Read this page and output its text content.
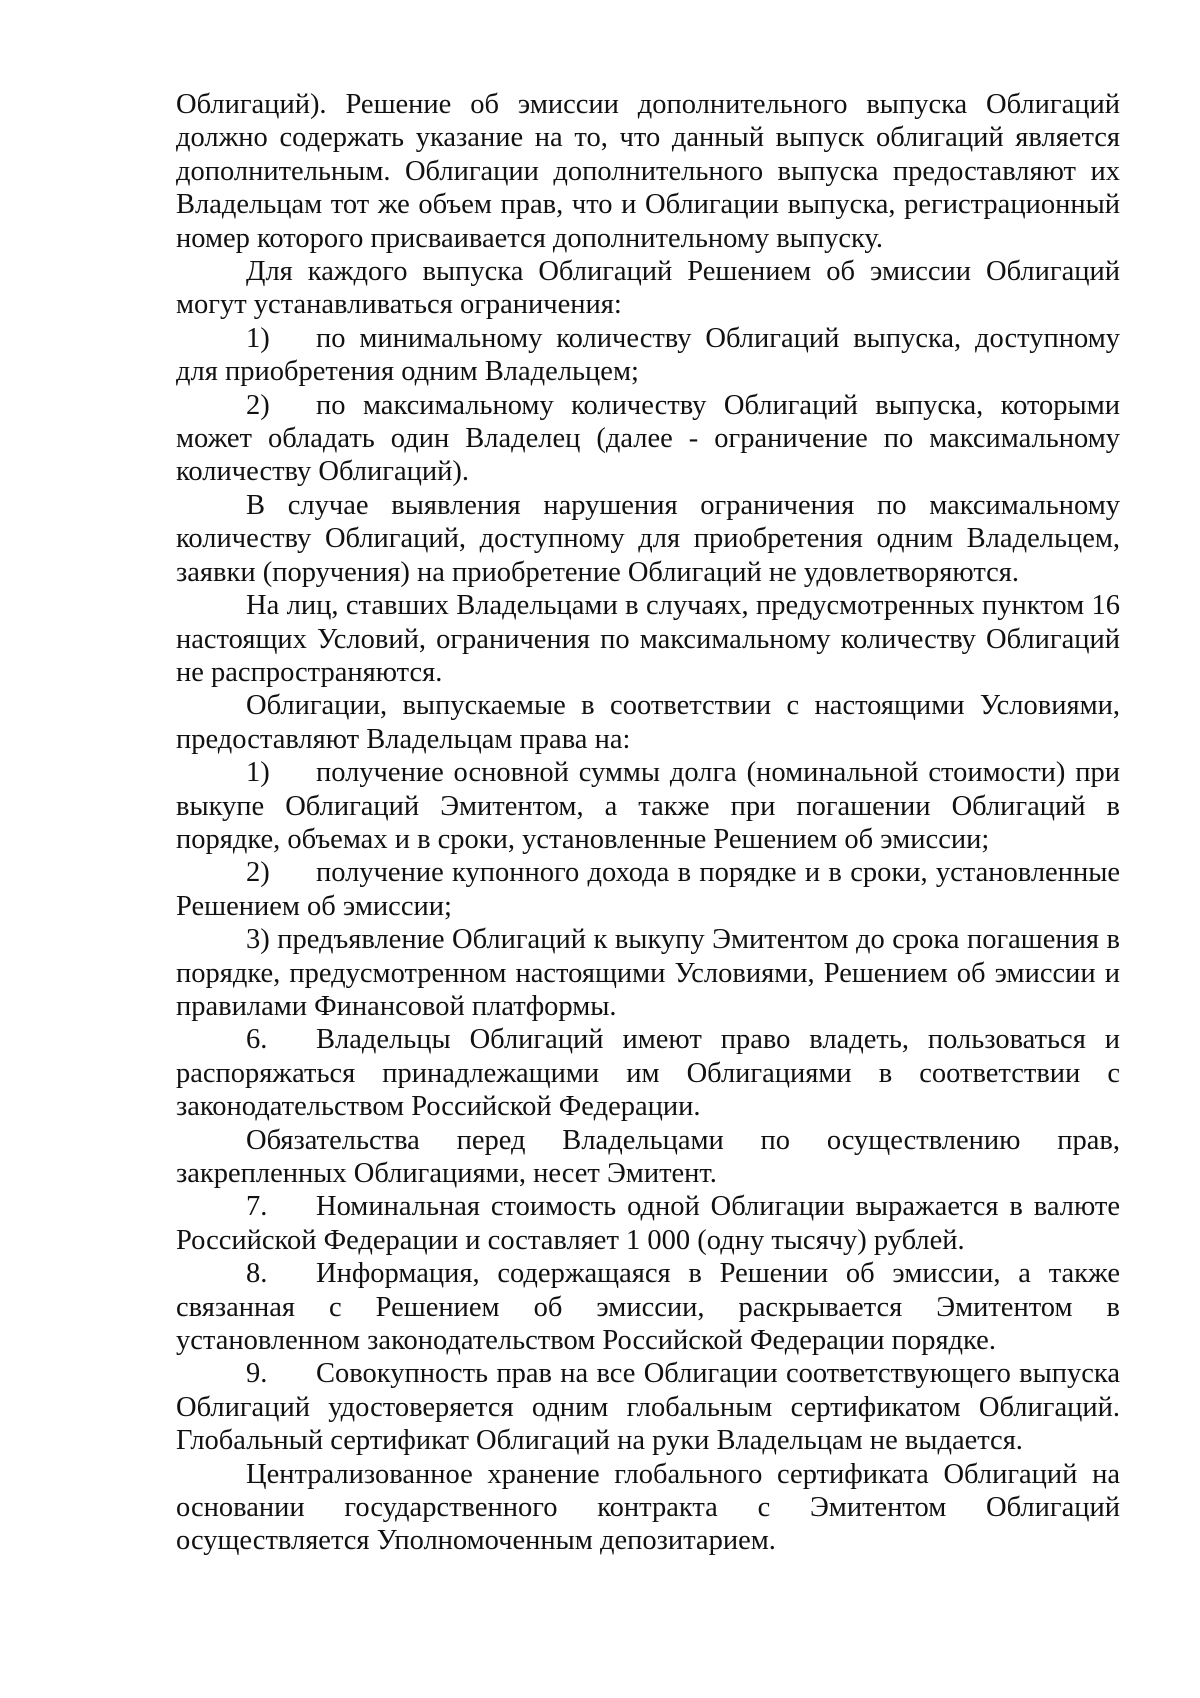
Облигаций). Решение об эмиссии дополнительного выпуска Облигаций должно содержать указание на то, что данный выпуск облигаций является дополнительным. Облигации дополнительного выпуска предоставляют их Владельцам тот же объем прав, что и Облигации выпуска, регистрационный номер которого присваивается дополнительному выпуску.

Для каждого выпуска Облигаций Решением об эмиссии Облигаций могут устанавливаться ограничения:

1) по минимальному количеству Облигаций выпуска, доступному для приобретения одним Владельцем;

2) по максимальному количеству Облигаций выпуска, которыми может обладать один Владелец (далее - ограничение по максимальному количеству Облигаций).

В случае выявления нарушения ограничения по максимальному количеству Облигаций, доступному для приобретения одним Владельцем, заявки (поручения) на приобретение Облигаций не удовлетворяются.

На лиц, ставших Владельцами в случаях, предусмотренных пунктом 16 настоящих Условий, ограничения по максимальному количеству Облигаций не распространяются.

Облигации, выпускаемые в соответствии с настоящими Условиями, предоставляют Владельцам права на:

1) получение основной суммы долга (номинальной стоимости) при выкупе Облигаций Эмитентом, а также при погашении Облигаций в порядке, объемах и в сроки, установленные Решением об эмиссии;

2) получение купонного дохода в порядке и в сроки, установленные Решением об эмиссии;

3) предъявление Облигаций к выкупу Эмитентом до срока погашения в порядке, предусмотренном настоящими Условиями, Решением об эмиссии и правилами Финансовой платформы.

6. Владельцы Облигаций имеют право владеть, пользоваться и распоряжаться принадлежащими им Облигациями в соответствии с законодательством Российской Федерации.

Обязательства перед Владельцами по осуществлению прав, закрепленных Облигациями, несет Эмитент.

7. Номинальная стоимость одной Облигации выражается в валюте Российской Федерации и составляет 1 000 (одну тысячу) рублей.

8. Информация, содержащаяся в Решении об эмиссии, а также связанная с Решением об эмиссии, раскрывается Эмитентом в установленном законодательством Российской Федерации порядке.

9. Совокупность прав на все Облигации соответствующего выпуска Облигаций удостоверяется одним глобальным сертификатом Облигаций. Глобальный сертификат Облигаций на руки Владельцам не выдается.

Централизованное хранение глобального сертификата Облигаций на основании государственного контракта с Эмитентом Облигаций осуществляется Уполномоченным депозитарием.
